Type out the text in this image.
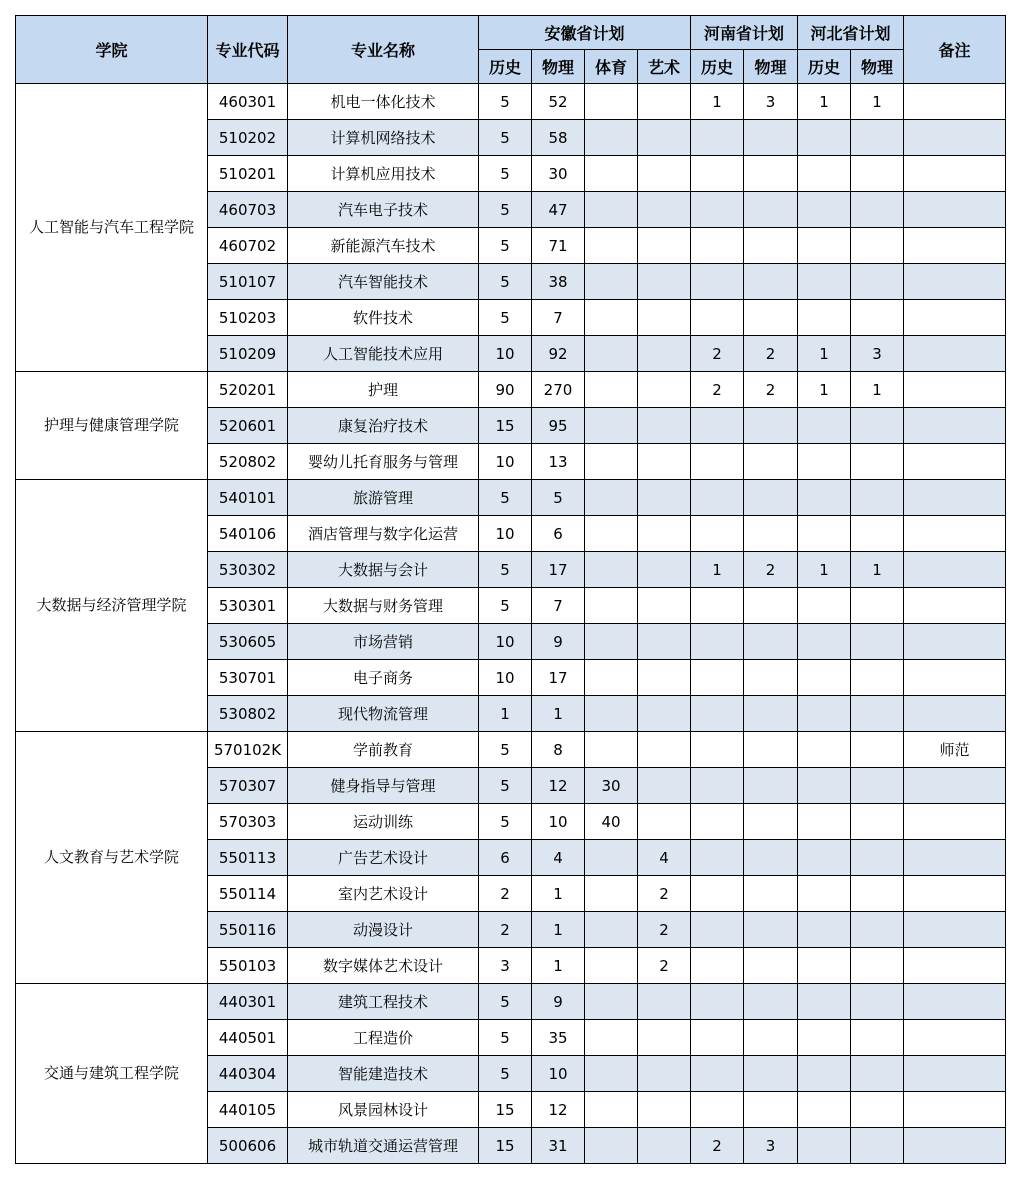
学院	专业代码	专业名称	安徽省计划				河南省计划		河北省计划		备注
			历史	物理	体育	艺术	历史	物理	历史	物理	
人工智能与汽车工程学院	460301	机电一体化技术	5	52			1	3	1	1	
	510202	计算机网络技术	5	58							
	510201	计算机应用技术	5	30							
	460703	汽车电子技术	5	47							
	460702	新能源汽车技术	5	71							
	510107	汽车智能技术	5	38							
	510203	软件技术	5	7							
	510209	人工智能技术应用	10	92			2	2	1	3	
护理与健康管理学院	520201	护理	90	270			2	2	1	1	
	520601	康复治疗技术	15	95							
	520802	婴幼儿托育服务与管理	10	13							
大数据与经济管理学院	540101	旅游管理	5	5							
	540106	酒店管理与数字化运营	10	6							
	530302	大数据与会计	5	17			1	2	1	1	
	530301	大数据与财务管理	5	7							
	530605	市场营销	10	9							
	530701	电子商务	10	17							
	530802	现代物流管理	1	1							
人文教育与艺术学院	570102K	学前教育	5	8							师范
	570307	健身指导与管理	5	12	30						
	570303	运动训练	5	10	40						
	550113	广告艺术设计	6	4		4					
	550114	室内艺术设计	2	1		2					
	550116	动漫设计	2	1		2					
	550103	数字媒体艺术设计	3	1		2					
交通与建筑工程学院	440301	建筑工程技术	5	9							
	440501	工程造价	5	35							
	440304	智能建造技术	5	10							
	440105	风景园林设计	15	12							
	500606	城市轨道交通运营管理	15	31			2	3			
